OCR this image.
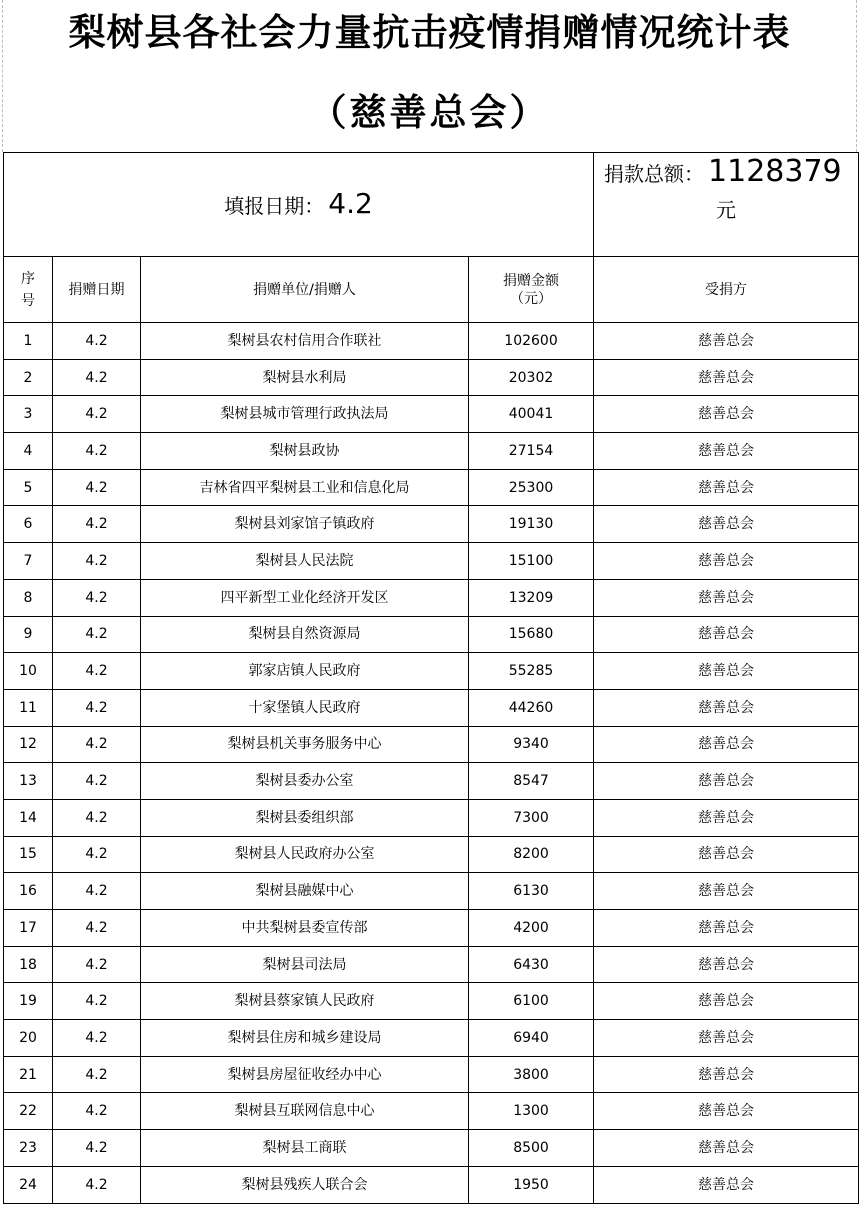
梨树县各社会力量抗击疫情捐赠情况统计表
（慈善总会）
填报日期： 4.2				捐款总额： 1128379
元

序
号	捐赠日期	捐赠单位/捐赠人	捐赠金额
（元）	受捐方
1	4.2	梨树县农村信用合作联社	102600	慈善总会
2	4.2	梨树县水利局	20302	慈善总会
3	4.2	梨树县城市管理行政执法局	40041	慈善总会
4	4.2	梨树县政协	27154	慈善总会
5	4.2	吉林省四平梨树县工业和信息化局	25300	慈善总会
6	4.2	梨树县刘家馆子镇政府	19130	慈善总会
7	4.2	梨树县人民法院	15100	慈善总会
8	4.2	四平新型工业化经济开发区	13209	慈善总会
9	4.2	梨树县自然资源局	15680	慈善总会
10	4.2	郭家店镇人民政府	55285	慈善总会
11	4.2	十家堡镇人民政府	44260	慈善总会
12	4.2	梨树县机关事务服务中心	9340	慈善总会
13	4.2	梨树县委办公室	8547	慈善总会
14	4.2	梨树县委组织部	7300	慈善总会
15	4.2	梨树县人民政府办公室	8200	慈善总会
16	4.2	梨树县融媒中心	6130	慈善总会
17	4.2	中共梨树县委宣传部	4200	慈善总会
18	4.2	梨树县司法局	6430	慈善总会
19	4.2	梨树县蔡家镇人民政府	6100	慈善总会
20	4.2	梨树县住房和城乡建设局	6940	慈善总会
21	4.2	梨树县房屋征收经办中心	3800	慈善总会
22	4.2	梨树县互联网信息中心	1300	慈善总会
23	4.2	梨树县工商联	8500	慈善总会
24	4.2	梨树县残疾人联合会	1950	慈善总会
